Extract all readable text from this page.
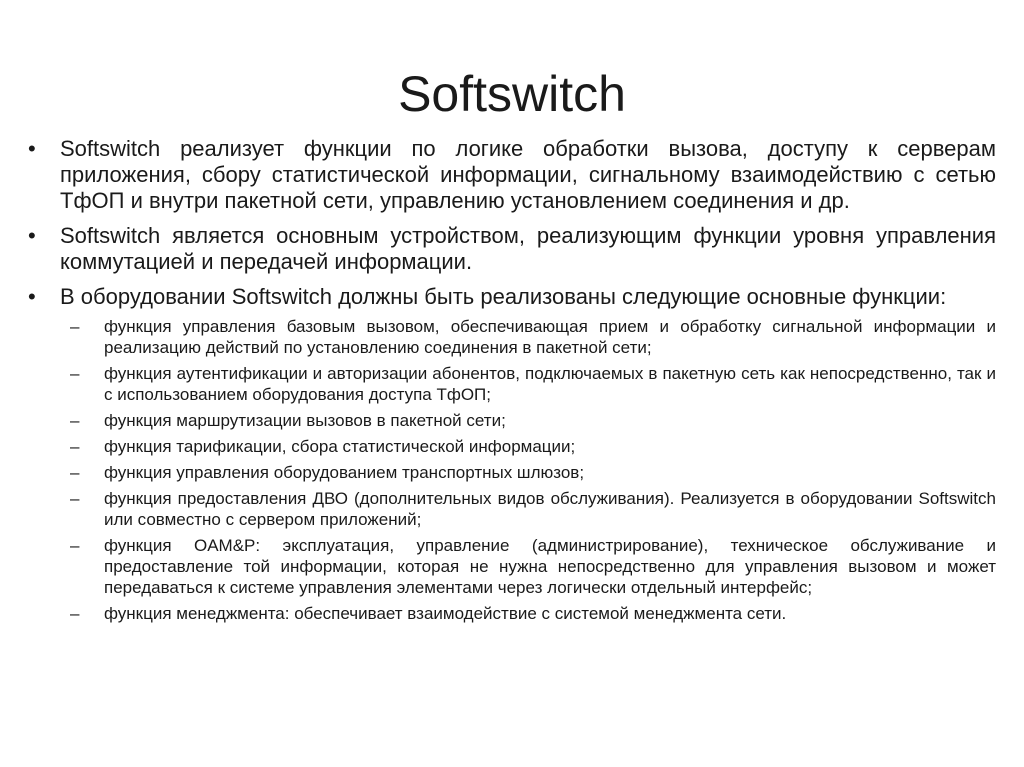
Softswitch
•	Softswitch реализует функции по логике обработки вызова, доступу к серверам приложения, сбору статистической информации, сигнальному взаимодействию с сетью ТфОП и внутри пакетной сети, управлению установлением соединения и др.
•	Softswitch является основным устройством, реализующим функции уровня управления коммутацией и передачей информации.
•	В оборудовании Softswitch должны быть реализованы следующие основные функции:
–	функция управления базовым вызовом, обеспечивающая прием и обработку сигнальной информации и реализацию действий по установлению соединения в пакетной сети;
–	функция аутентификации и авторизации абонентов, подключаемых в пакетную сеть как непосредственно, так и с использованием оборудования доступа ТфОП;
–	функция маршрутизации вызовов в пакетной сети;
–	функция тарификации, сбора статистической информации;
–	функция управления оборудованием транспортных шлюзов;
–	функция предоставления ДВО (дополнительных видов обслуживания). Реализуется в оборудовании Softswitch или совместно с сервером приложений;
–	функция OAM&P: эксплуатация, управление (администрирование), техническое обслуживание и предоставление той информации, которая не нужна непосредственно для управления вызовом и может передаваться к системе управления элементами через логически отдельный интерфейс;
–	функция менеджмента: обеспечивает взаимодействие с системой менеджмента сети.
